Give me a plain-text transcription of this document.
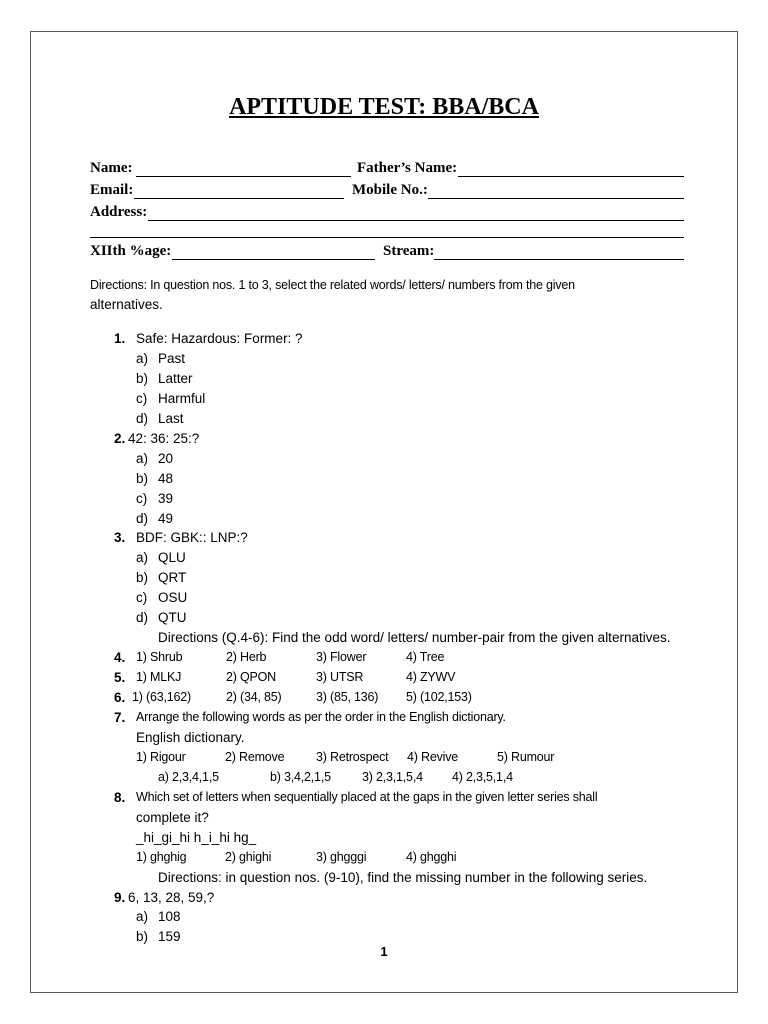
APTITUDE TEST: BBA/BCA
Name:	Father’s Name:
Email:	Mobile No.:
Address:
XIIth %age:	Stream:
Directions: In question nos. 1 to 3, select the related words/ letters/ numbers from the given
alternatives.
1. Safe: Hazardous: Former: ?
a) Past
b) Latter
c) Harmful
d) Last
2. 42: 36: 25:?
a) 20
b) 48
c) 39
d) 49
3. BDF: GBK:: LNP:?
a) QLU
b) QRT
c) OSU
d) QTU
Directions (Q.4-6): Find the odd word/ letters/ number-pair from the given alternatives.
4. 1) Shrub	2) Herb	3) Flower	4) Tree
5. 1) MLKJ	2) QPON	3) UTSR	4) ZYWV
6. 1) (63,162)	2) (34, 85)	3) (85, 136) 5) (102,153)
7. Arrange the following words as per the order in the English dictionary.
English dictionary.
1) Rigour	2) Remove	3) Retrospect 4) Revive	5) Rumour
a) 2,3,4,1,5	b) 3,4,2,1,5 3) 2,3,1,5,4 4) 2,3,5,1,4
8. Which set of letters when sequentially placed at the gaps in the given letter series shall
complete it?
_hi_gi_hi h_i_hi hg_
1) ghghig	2) ghighi	3) ghgggi	4) ghgghi
Directions: in question nos. (9-10), find the missing number in the following series.
9. 6, 13, 28, 59,?
a) 108
b) 159
1
